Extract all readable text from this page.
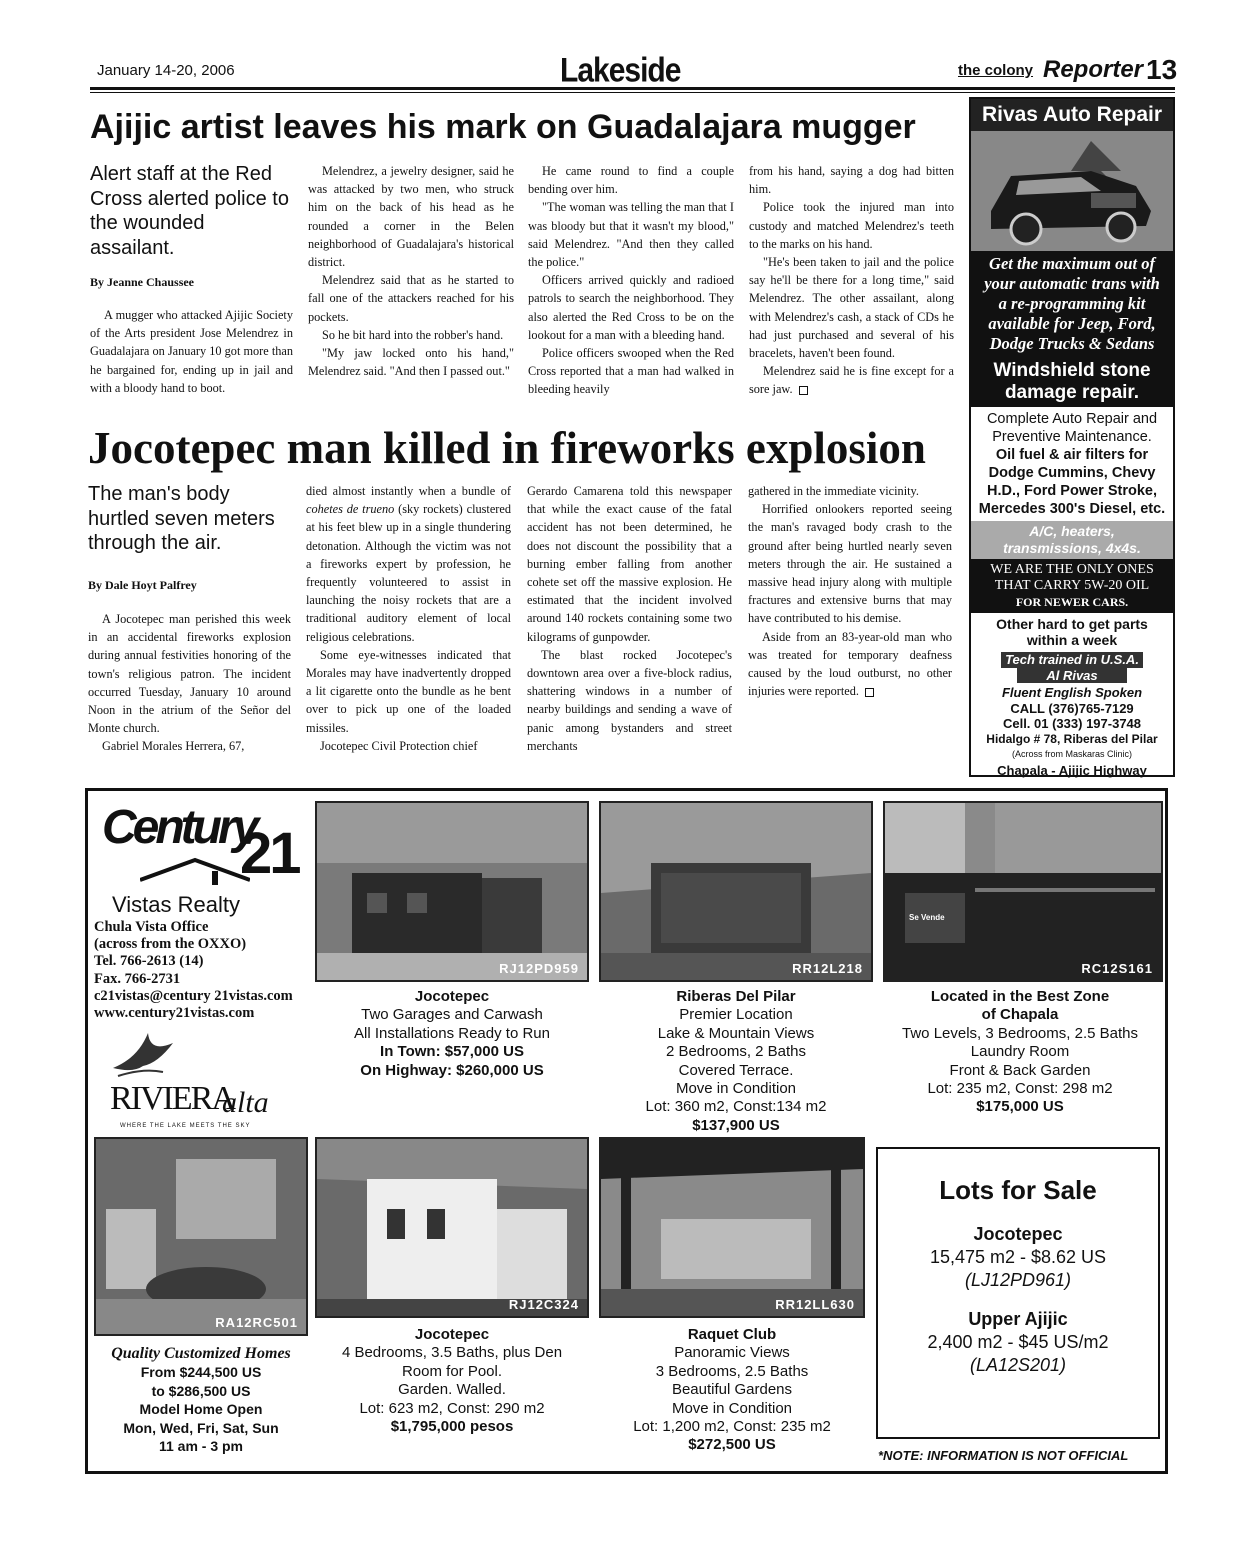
January 14-20, 2006	Lakeside	the colony Reporter 13
Ajijic artist leaves his mark on Guadalajara mugger
Alert staff at the Red Cross alerted police to the wounded assailant.
By Jeanne Chaussee

A mugger who attacked Ajijic Society of the Arts president Jose Melendrez in Guadalajara on January 10 got more than he bargained for, ending up in jail and with a bloody hand to boot.

Melendrez, a jewelry designer, said he was attacked by two men, who struck him on the back of his head as he rounded a corner in the Belen neighborhood of Guadalajara's historical district.

Melendrez said that as he started to fall one of the attackers reached for his pockets.

So he bit hard into the robber's hand.

"My jaw locked onto his hand," Melendrez said. "And then I passed out."

He came round to find a couple bending over him.

"The woman was telling the man that I was bloody but that it wasn't my blood," said Melendrez. "And then they called the police."

Officers arrived quickly and radioed patrols to search the neighborhood. They also alerted the Red Cross to be on the lookout for a man with a bleeding hand.

Police officers swooped when the Red Cross reported that a man had walked in bleeding heavily

from his hand, saying a dog had bitten him.

Police took the injured man into custody and matched Melendrez's teeth to the marks on his hand.

"He's been taken to jail and the police say he'll be there for a long time," said Melendrez. The other assailant, along with Melendrez's cash, a stack of CDs he had just purchased and several of his bracelets, haven't been found.

Melendrez said he is fine except for a sore jaw.

Jocotepec man killed in fireworks explosion
The man's body hurtled seven meters through the air.
By Dale Hoyt Palfrey

A Jocotepec man perished this week in an accidental fireworks explosion during annual festivities honoring of the town's religious patron. The incident occurred Tuesday, January 10 around Noon in the atrium of the Señor del Monte church.

Gabriel Morales Herrera, 67,

died almost instantly when a bundle of cohetes de trueno (sky rockets) clustered at his feet blew up in a single thundering detonation. Although the victim was not a fireworks expert by profession, he frequently volunteered to assist in launching the noisy rockets that are a traditional auditory element of local religious celebrations.

Some eye-witnesses indicated that Morales may have inadvertently dropped a lit cigarette onto the bundle as he bent over to pick up one of the loaded missiles.

Jocotepec Civil Protection chief

Gerardo Camarena told this newspaper that while the exact cause of the fatal accident has not been determined, he does not discount the possibility that a burning ember falling from another cohete set off the massive explosion. He estimated that the incident involved around 140 rockets containing some two kilograms of gunpowder.

The blast rocked Jocotepec's downtown area over a five-block radius, shattering windows in a number of nearby buildings and sending a wave of panic among bystanders and street merchants

gathered in the immediate vicinity.

Horrified onlookers reported seeing the man's ravaged body crash to the ground after being hurtled nearly seven meters through the air. He sustained a massive head injury along with multiple fractures and extensive burns that may have contributed to his demise.

Aside from an 83-year-old man who was treated for temporary deafness caused by the loud outburst, no other injuries were reported.

Rivas Auto Repair
Get the maximum out of
your automatic trans with
a re-programming kit
available for Jeep, Ford,
Dodge Trucks & Sedans
Windshield stone
damage repair.
Complete Auto Repair and
Preventive Maintenance.
Oil fuel & air filters for
Dodge Cummins, Chevy
H.D., Ford Power Stroke,
Mercedes 300's Diesel, etc.
A/C, heaters,
transmissions, 4x4s.
WE ARE THE ONLY ONES
THAT CARRY 5W-20 OIL
FOR NEWER CARS.
Other hard to get parts
within a week
Tech trained in U.S.A.
Al Rivas
Fluent English Spoken
CALL (376)765-7129
Cell. 01 (333) 197-3748
Hidalgo # 78, Riberas del Pilar
(Across from Maskaras Clinic)
Chapala - Ajijic Highway
Century
21
Vistas Realty
Chula Vista Office
(across from the OXXO)
Tel. 766-2613 (14)
Fax. 766-2731
c21vistas@century 21vistas.com
www.century21vistas.com
RIVIERA
alta
WHERE THE LAKE MEETS THE SKY
RJ12PD959	RR12L218
Se Vende
RC12S161
RA12RC501
RJ12C324	RR12LL630
Jocotepec
Two Garages and Carwash
All Installations Ready to Run
In Town: $57,000 US
On Highway: $260,000 US
Riberas Del Pilar
Premier Location
Lake & Mountain Views
2 Bedrooms, 2 Baths
Covered Terrace.
Move in Condition
Lot: 360 m2, Const:134 m2
$137,900 US
Located in the Best Zone of Chapala
Two Levels, 3 Bedrooms, 2.5 Baths
Laundry Room
Front & Back Garden
Lot: 235 m2, Const: 298 m2
$175,000 US
Quality Customized Homes
From $244,500 US
to $286,500 US
Model Home Open
Mon, Wed, Fri, Sat, Sun
11 am - 3 pm
Jocotepec
4 Bedrooms, 3.5 Baths, plus Den
Room for Pool.
Garden. Walled.
Lot: 623 m2, Const: 290 m2
$1,795,000 pesos
Raquet Club
Panoramic Views
3 Bedrooms, 2.5 Baths
Beautiful Gardens
Move in Condition
Lot: 1,200 m2, Const: 235 m2
$272,500 US
Lots for Sale
Jocotepec
15,475 m2 - $8.62 US
(LJ12PD961)
Upper Ajijic
2,400 m2 - $45 US/m2
(LA12S201)
*NOTE: INFORMATION IS NOT OFFICIAL
